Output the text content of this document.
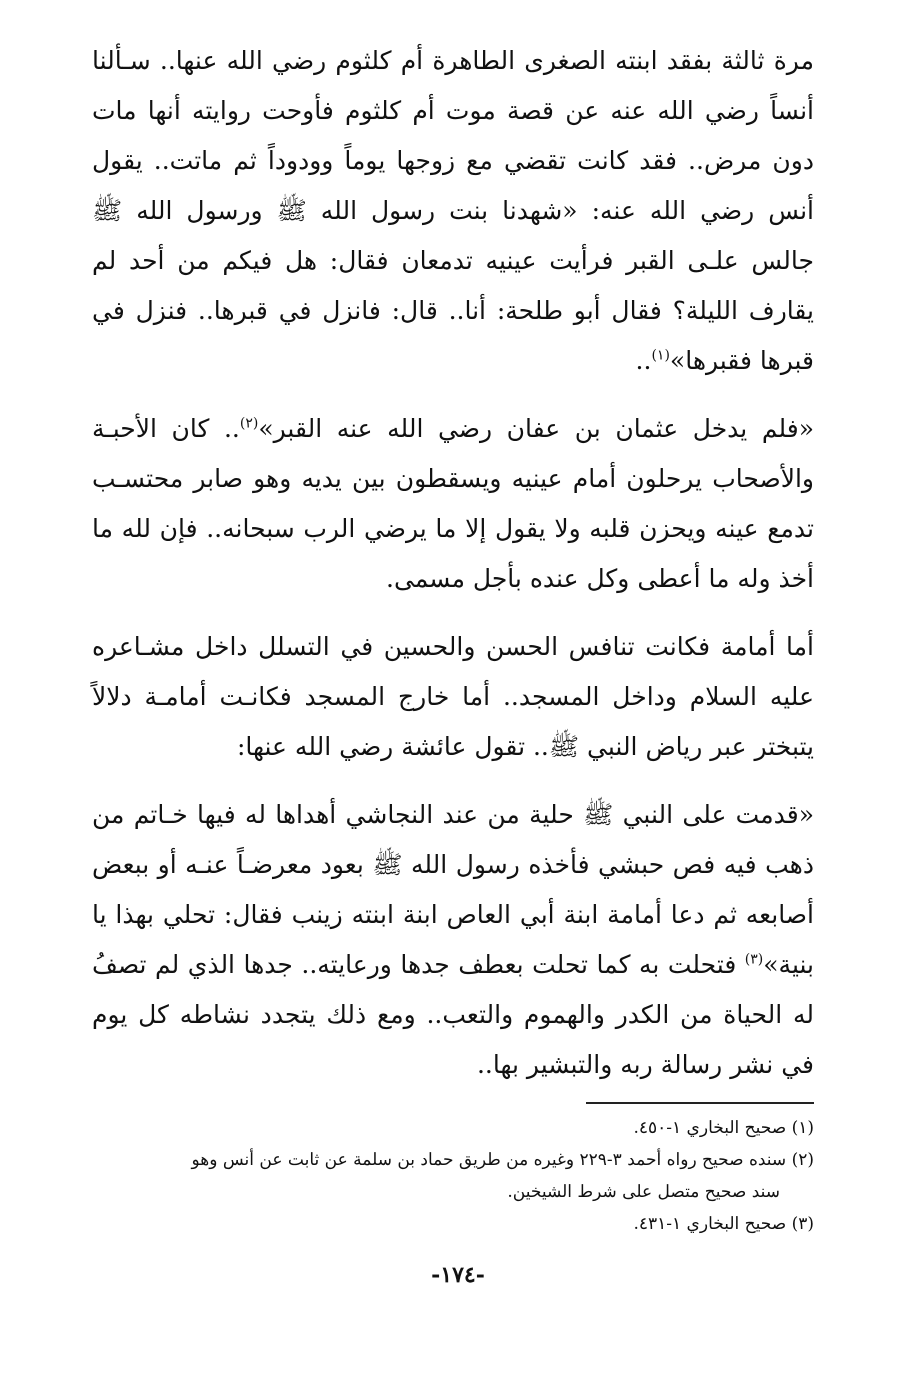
مرة ثالثة بفقد ابنته الصغرى الطاهرة أم كلثوم رضي الله عنها.. سـألنا أنساً رضي الله عنه عن قصة موت أم كلثوم فأوحت روايته أنها مات دون مرض.. فقد كانت تقضي مع زوجها يوماً وودوداً ثم ماتت.. يقول أنس رضي الله عنه: «شهدنا بنت رسول الله ﷺ ورسول الله ﷺ جالس علـى القبر فرأيت عينيه تدمعان فقال: هل فيكم من أحد لم يقارف الليلة؟ فقال أبو طلحة: أنا.. قال: فانزل في قبرها.. فنزل في قبرها فقبرها»$^{(١)}$..

«فلم يدخل عثمان بن عفان رضي الله عنه القبر»$^{(٢)}$.. كان الأحبـة والأصحاب يرحلون أمام عينيه ويسقطون بين يديه وهو صابر محتسـب تدمع عينه ويحزن قلبه ولا يقول إلا ما يرضي الرب سبحانه.. فإن لله ما أخذ وله ما أعطى وكل عنده بأجل مسمى.

أما أمامة فكانت تنافس الحسن والحسين في التسلل داخل مشـاعره عليه السلام وداخل المسجد.. أما خارج المسجد فكانـت أمامـة دلالاً يتبختر عبر رياض النبي ﷺ.. تقول عائشة رضي الله عنها:

«قدمت على النبي ﷺ حلية من عند النجاشي أهداها له فيها خـاتم من ذهب فيه فص حبشي فأخذه رسول الله ﷺ بعود معرضـاً عنـه أو ببعض أصابعه ثم دعا أمامة ابنة أبي العاص ابنة ابنته زينب فقال: تحلي بهذا يا بنية»$^{(٣)}$ فتحلت به كما تحلت بعطف جدها ورعايته.. جدها الذي لم تصفُ له الحياة من الكدر والهموم والتعب.. ومع ذلك يتجدد نشاطه كل يوم في نشر رسالة ربه والتبشير بها..

(١) صحيح البخاري ١-٤٥٠.

(٢) سنده صحيح رواه أحمد ٣-٢٢٩ وغيره من طريق حماد بن سلمة عن ثابت عن أنس وهو

سند صحيح متصل على شرط الشيخين.

(٣) صحيح البخاري ١-٤٣١.

-١٧٤-
